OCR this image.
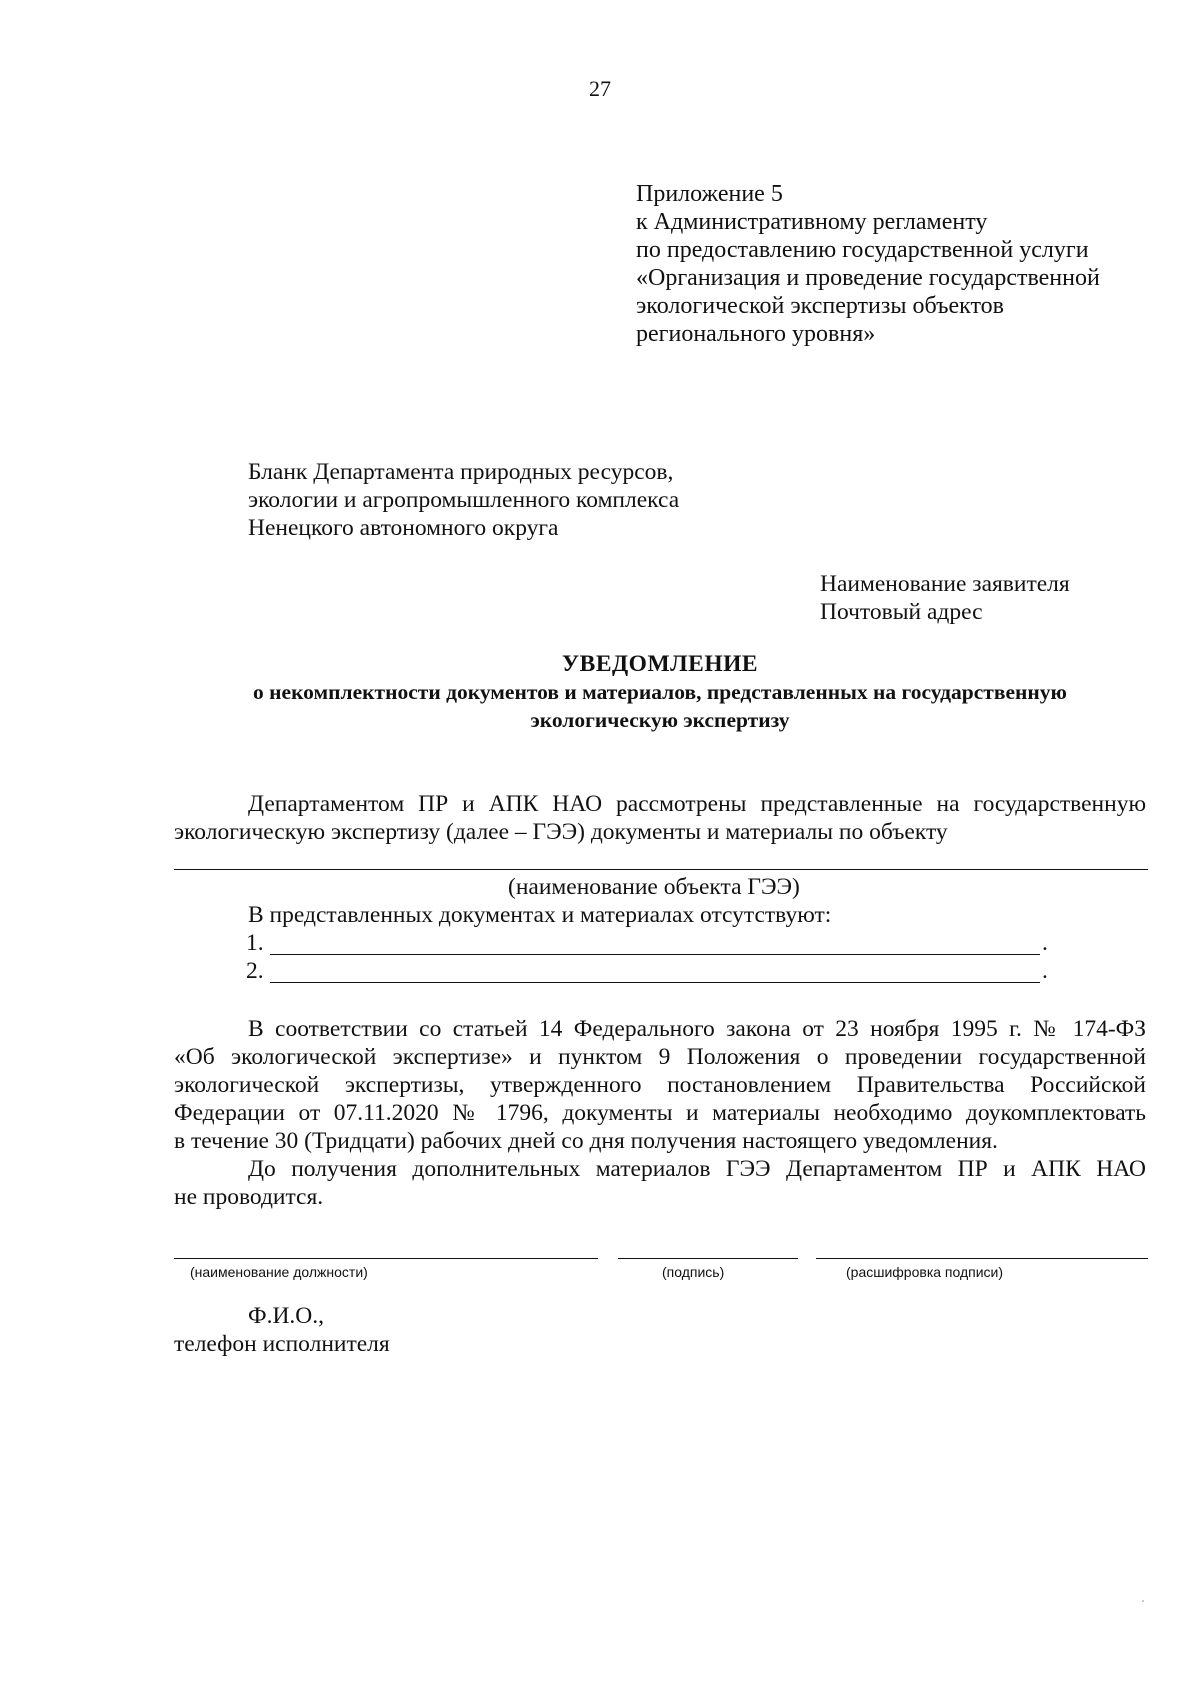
27
Приложение 5
к Административному регламенту
по предоставлению государственной услуги
«Организация и проведение государственной
экологической экспертизы объектов
регионального уровня»
Бланк Департамента природных ресурсов,
экологии и агропромышленного комплекса
Ненецкого автономного округа
Наименование заявителя
Почтовый адрес
УВЕДОМЛЕНИЕ
о некомплектности документов и материалов, представленных на государственную
экологическую экспертизу
Департаментом ПР и АПК НАО рассмотрены представленные на государственную
экологическую экспертизу (далее – ГЭЭ) документы и материалы по объекту
(наименование объекта ГЭЭ)
В представленных документах и материалах отсутствуют:
1.	.
2.	.
В соответствии со статьей 14 Федерального закона от 23 ноября 1995 г. № 174-ФЗ
«Об экологической экспертизе» и пунктом 9 Положения о проведении государственной
экологической экспертизы, утвержденного постановлением Правительства Российской
Федерации от 07.11.2020 № 1796, документы и материалы необходимо доукомплектовать
в течение 30 (Тридцати) рабочих дней со дня получения настоящего уведомления.
До получения дополнительных материалов ГЭЭ Департаментом ПР и АПК НАО
не проводится.
(наименование должности)	(подпись)	(расшифровка подписи)
Ф.И.О.,
телефон исполнителя
